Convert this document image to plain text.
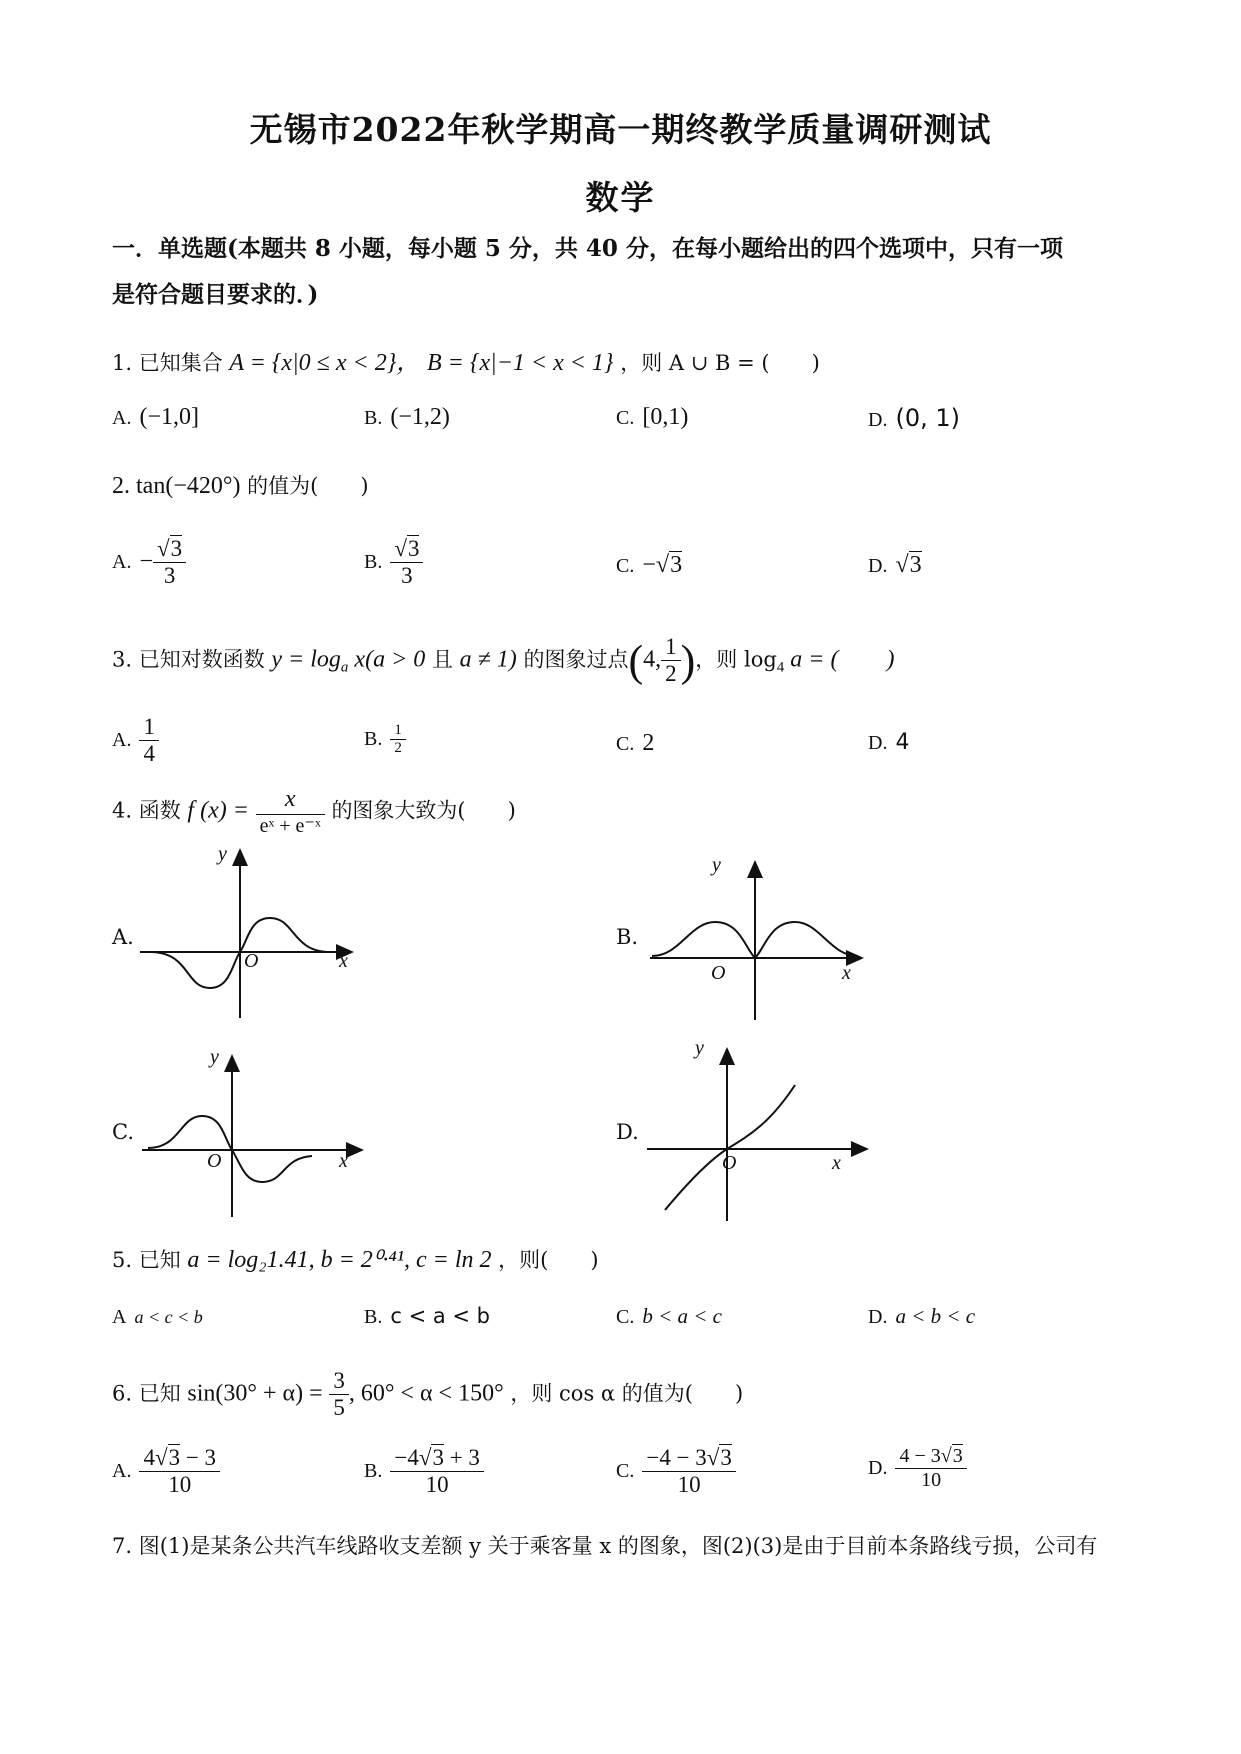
无锡市2022年秋学期高一期终教学质量调研测试
数学
一．单选题(本题共 8 小题，每小题 5 分，共 40 分，在每小题给出的四个选项中，只有一项
是符合题目要求的．)
1. 已知集合 A = {x|0 ≤ x < 2}， B = {x|−1 < x < 1} ，则 A ∪ B = (　　)
A. (−1,0]	B. (−1,2)	C. [0,1)	D. (0, 1)
2. tan(−420°) 的值为(　　)
A. − $\frac{√3}{3}$	B. $\frac{√3}{3}$	C. −√3	D. √3
3. 已知对数函数 $y = \log_a x(a > 0$ 且 a ≠ 1) 的图象过点(4, $\frac{1}{2}$ )，则 $\log_4 a$ = (　　)
A. $\frac{1}{4}$	B. $\frac{1}{2}$	C. 2	D. 4
4. 函数 f $(x) = \frac{x}{\text{eˣ + e⁻ˣ}}$ 的图象大致为(　　)
A.
y
O	x
B.
y
O	x
C.
y
O	x
D.
y
O	x
5. 已知 a = log₂1.41, b = 2⁰·⁴¹, c = ln 2 ，则(　　)
A a < c < b	B. c < a < b	C. b < a < c	D. a < b < c
6. 已知 $\sin(30^\circ + \alpha) = \frac{3}{5}$ , 60° < α < 150° ，则 cos α 的值为(　　)
A. $\frac{4√3 - 3}{10}$	B. $\frac{-4√3 + 3}{10}$	C. $\frac{-4 - 3√3}{10}$	D. $\frac{4 - 3√3}{10}$
7. 图(1)是某条公共汽车线路收支差额 y 关于乘客量 x 的图象，图(2)(3)是由于目前本条路线亏损，公司有
